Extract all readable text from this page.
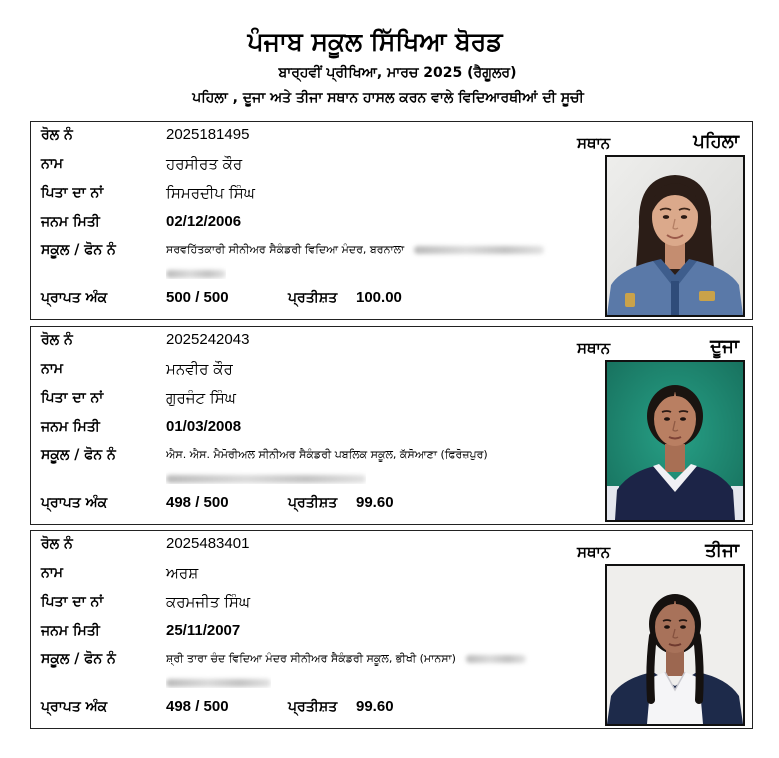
ਪੰਜਾਬ ਸਕੂਲ ਸਿੱਖਿਆ ਬੋਰਡ
ਬਾਰ੍ਹਵੀਂ ਪ੍ਰੀਖਿਆ, ਮਾਰਚ 2025 (ਰੈਗੂਲਰ)
ਪਹਿਲਾ , ਦੂਜਾ ਅਤੇ ਤੀਜਾ ਸਥਾਨ ਹਾਸਲ ਕਰਨ ਵਾਲੇ ਵਿਦਿਆਰਥੀਆਂ ਦੀ ਸੂਚੀ
ਰੋਲ ਨੰ	2025181495
ਨਾਮ	ਹਰਸੀਰਤ ਕੌਰ
ਪਿਤਾ ਦਾ ਨਾਂ	ਸਿਮਰਦੀਪ ਸਿੰਘ
ਜਨਮ ਮਿਤੀ	02/12/2006
ਸਕੂਲ / ਫੋਨ ਨੰ	ਸਰਵਹਿੱਤਕਾਰੀ ਸੀਨੀਅਰ ਸੈਕੰਡਰੀ ਵਿਦਿਆ ਮੰਦਰ, ਬਰਨਾਲਾ
ਪ੍ਰਾਪਤ ਅੰਕ	500 / 500	ਪ੍ਰਤੀਸ਼ਤ 100.00
ਸਥਾਨ	ਪਹਿਲਾ
ਰੋਲ ਨੰ	2025242043
ਨਾਮ	ਮਨਵੀਰ ਕੌਰ
ਪਿਤਾ ਦਾ ਨਾਂ	ਗੁਰਜੰਟ ਸਿੰਘ
ਜਨਮ ਮਿਤੀ	01/03/2008
ਸਕੂਲ / ਫੋਨ ਨੰ	ਐਸ. ਐਸ. ਮੈਮੋਰੀਅਲ ਸੀਨੀਅਰ ਸੈਕੰਡਰੀ ਪਬਲਿਕ ਸਕੂਲ, ਕੱਸੋਆਣਾ (ਫਿਰੋਜ਼ਪੁਰ)
ਪ੍ਰਾਪਤ ਅੰਕ	498 / 500	ਪ੍ਰਤੀਸ਼ਤ 99.60
ਸਥਾਨ	ਦੂਜਾ
ਰੋਲ ਨੰ	2025483401
ਨਾਮ	ਅਰਸ਼
ਪਿਤਾ ਦਾ ਨਾਂ	ਕਰਮਜੀਤ ਸਿੰਘ
ਜਨਮ ਮਿਤੀ	25/11/2007
ਸਕੂਲ / ਫੋਨ ਨੰ	ਸ਼੍ਰੀ ਤਾਰਾ ਚੰਦ ਵਿਦਿਆ ਮੰਦਰ ਸੀਨੀਅਰ ਸੈਕੰਡਰੀ ਸਕੂਲ, ਭੀਖੀ (ਮਾਨਸਾ)
ਪ੍ਰਾਪਤ ਅੰਕ	498 / 500	ਪ੍ਰਤੀਸ਼ਤ 99.60
ਸਥਾਨ	ਤੀਜਾ
